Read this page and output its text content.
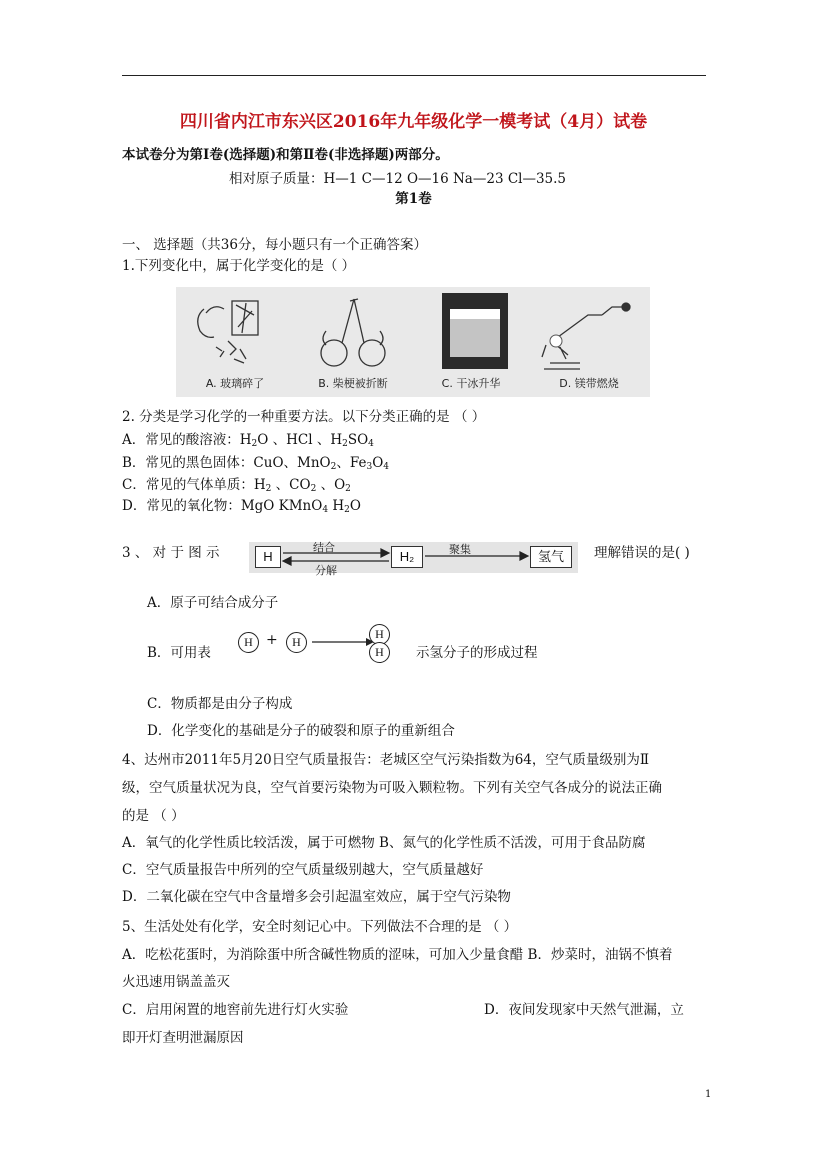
四川省内江市东兴区2016年九年级化学一模考试（4月）试卷
本试卷分为第Ⅰ卷(选择题)和第Ⅱ卷(非选择题)两部分。
相对原子质量：H—1 C—12 O—16 Na—23 Cl—35.5
第1卷
一、 选择题（共36分，每小题只有一个正确答案）
1.下列变化中，属于化学变化的是（ ）
A. 玻璃碎了	B. 柴梗被折断	C. 干冰升华	D. 镁带燃烧
2. 分类是学习化学的一种重要方法。以下分类正确的是 （ ）
A．常见的酸溶液：$H_2O$ 、HCl 、$H_2SO_4$
B．常见的黑色固体：CuO、MnO$_2$、$Fe_3O_4$
C．常见的气体单质：$H_2$ 、$CO_2$ 、$O_2$
D．常见的氧化物：MgO KMnO$_4$ $H_2O$
3 、 对 于 图 示	H	H₂	氢气
结合
分解
聚集	理解错误的是( )
A．原子可结合成分子
B．可用表
H +	H
H
H	示氢分子的形成过程
C．物质都是由分子构成
D．化学变化的基础是分子的破裂和原子的重新组合
4、达州市2011年5月20日空气质量报告：老城区空气污染指数为64，空气质量级别为Ⅱ
级，空气质量状况为良，空气首要污染物为可吸入颗粒物。下列有关空气各成分的说法正确
的是 （ ）
A．氧气的化学性质比较活泼，属于可燃物 B、氮气的化学性质不活泼，可用于食品防腐
C．空气质量报告中所列的空气质量级别越大，空气质量越好
D．二氧化碳在空气中含量增多会引起温室效应，属于空气污染物
5、生活处处有化学，安全时刻记心中。下列做法不合理的是 （ ）
A．吃松花蛋时，为消除蛋中所含碱性物质的涩味，可加入少量食醋 B．炒菜时，油锅不慎着
火迅速用锅盖盖灭
C．启用闲置的地窖前先进行灯火实验	D．夜间发现家中天然气泄漏，立
即开灯查明泄漏原因
1
